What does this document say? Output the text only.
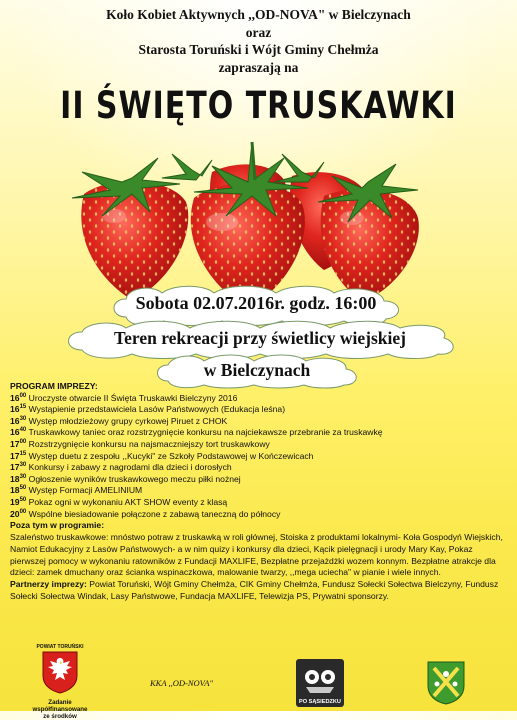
Koło Kobiet Aktywnych ,,OD-NOVA" w Bielczynach
oraz
Starosta Toruński i Wójt Gminy Chełmża
zapraszają na
II ŚWIĘTO TRUSKAWKI
Sobota 02.07.2016r. godz. 16:00
Teren rekreacji przy świetlicy wiejskiej
w Bielczynach
PROGRAM IMPREZY:
$16^{00}$ Uroczyste otwarcie II Święta Truskawki Bielczyny 2016
$16^{15}$ Wystąpienie przedstawiciela Lasów Państwowych (Edukacja leśna)
$16^{30}$ Występ młodzieżowy grupy cyrkowej Piruet z CHOK
$16^{40}$ Truskawkowy taniec oraz rozstrzygnięcie konkursu na najciekawsze przebranie za truskawkę
$17^{00}$ Rozstrzygnięcie konkursu na najsmaczniejszy tort truskawkowy
$17^{15}$ Występ duetu z zespołu ,,Kucyki" ze Szkoły Podstawowej w Kończewicach
$17^{30}$ Konkursy i zabawy z nagrodami dla dzieci i dorosłych
$18^{30}$ Ogłoszenie wyników truskawkowego meczu piłki nożnej
$18^{50}$ Występ Formacji AMELINIUM
$19^{50}$ Pokaz ogni w wykonaniu AKT SHOW eventy z klasą
$20^{00}$ Wspólne biesiadowanie połączone z zabawą taneczną do północy
Poza tym w programie:
Szaleństwo truskawkowe: mnóstwo potraw z truskawką w roli głównej, Stoiska z produktami lokalnymi- Koła Gospodyń Wiejskich, Namiot Edukacyjny z Lasów Państwowych- a w nim quizy i konkursy dla dzieci, Kącik pielęgnacji i urody Mary Kay, Pokaz pierwszej pomocy w wykonaniu ratowników z Fundacji MAXLIFE, Bezpłatne przejażdżki wozem konnym. Bezpłatne atrakcje dla dzieci: zamek dmuchany oraz ścianka wspinaczkowa, malowanie twarzy, ,,mega uciecha" w pianie i wiele innych.
Partnerzy imprezy: Powiat Toruński, Wójt Gminy Chełmża, CIK Gminy Chełmża, Fundusz Sołecki Sołectwa Bielczyny, Fundusz Sołecki Sołectwa Windak, Lasy Państwowe, Fundacja MAXLIFE, Telewizja PS, Prywatni sponsorzy.
POWIAT TORUŃSKI
Zadanie współfinansowane
ze środków
KKA ,,OD-NOVA"
PO SĄSIEDZKU
